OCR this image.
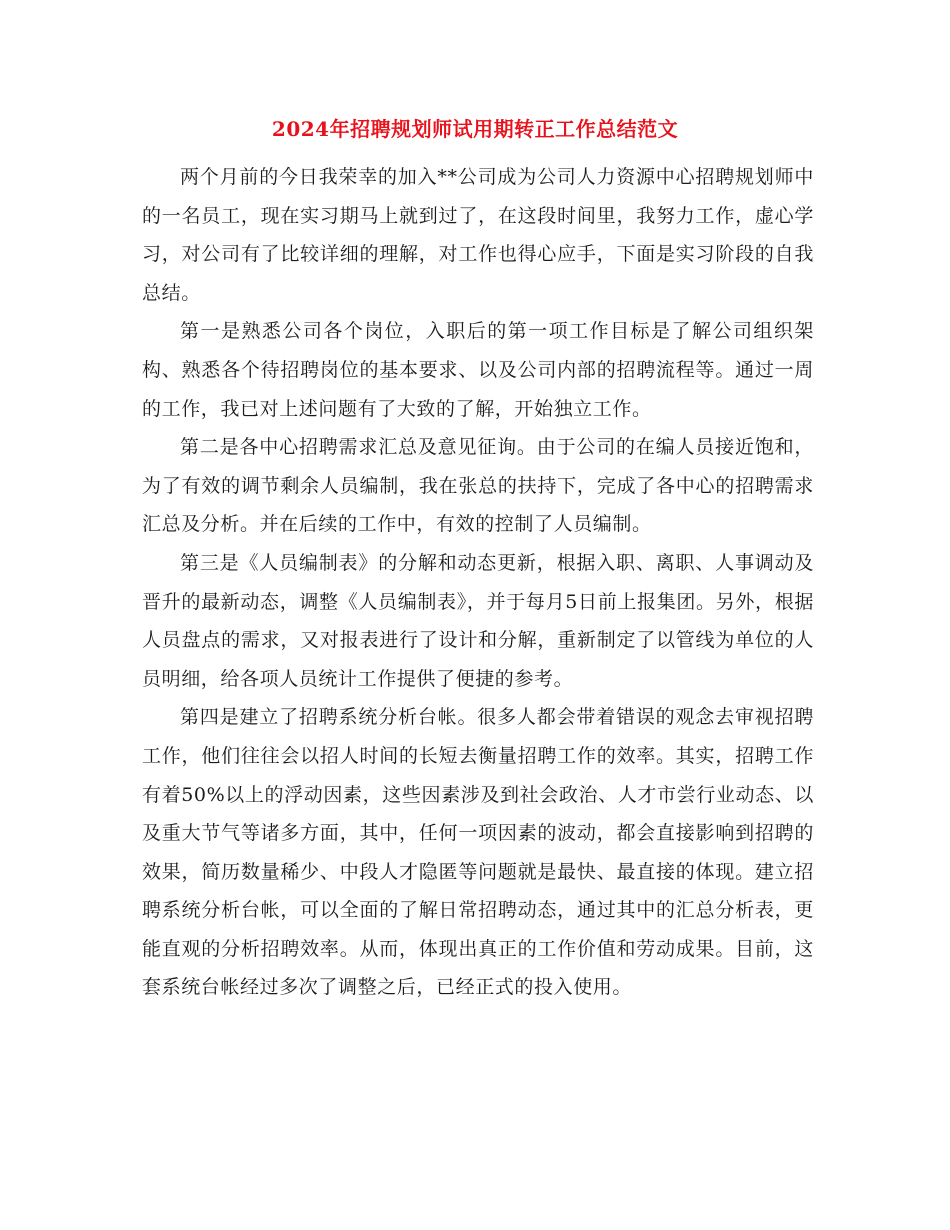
2024年招聘规划师试用期转正工作总结范文

两个月前的今日我荣幸的加入**公司成为公司人力资源中心招聘规划师中的一名员工，现在实习期马上就到过了，在这段时间里，我努力工作，虚心学习，对公司有了比较详细的理解，对工作也得心应手，下面是实习阶段的自我总结。

第一是熟悉公司各个岗位，入职后的第一项工作目标是了解公司组织架构、熟悉各个待招聘岗位的基本要求、以及公司内部的招聘流程等。通过一周的工作，我已对上述问题有了大致的了解，开始独立工作。

第二是各中心招聘需求汇总及意见征询。由于公司的在编人员接近饱和，为了有效的调节剩余人员编制，我在张总的扶持下，完成了各中心的招聘需求汇总及分析。并在后续的工作中，有效的控制了人员编制。

第三是《人员编制表》的分解和动态更新，根据入职、离职、人事调动及晋升的最新动态，调整《人员编制表》，并于每月5日前上报集团。另外，根据人员盘点的需求，又对报表进行了设计和分解，重新制定了以管线为单位的人员明细，给各项人员统计工作提供了便捷的参考。

第四是建立了招聘系统分析台帐。很多人都会带着错误的观念去审视招聘工作，他们往往会以招人时间的长短去衡量招聘工作的效率。其实，招聘工作有着50%以上的浮动因素，这些因素涉及到社会政治、人才市尝行业动态、以及重大节气等诸多方面，其中，任何一项因素的波动，都会直接影响到招聘的效果，简历数量稀少、中段人才隐匿等问题就是最快、最直接的体现。建立招聘系统分析台帐，可以全面的了解日常招聘动态，通过其中的汇总分析表，更能直观的分析招聘效率。从而，体现出真正的工作价值和劳动成果。目前，这套系统台帐经过多次了调整之后，已经正式的投入使用。
